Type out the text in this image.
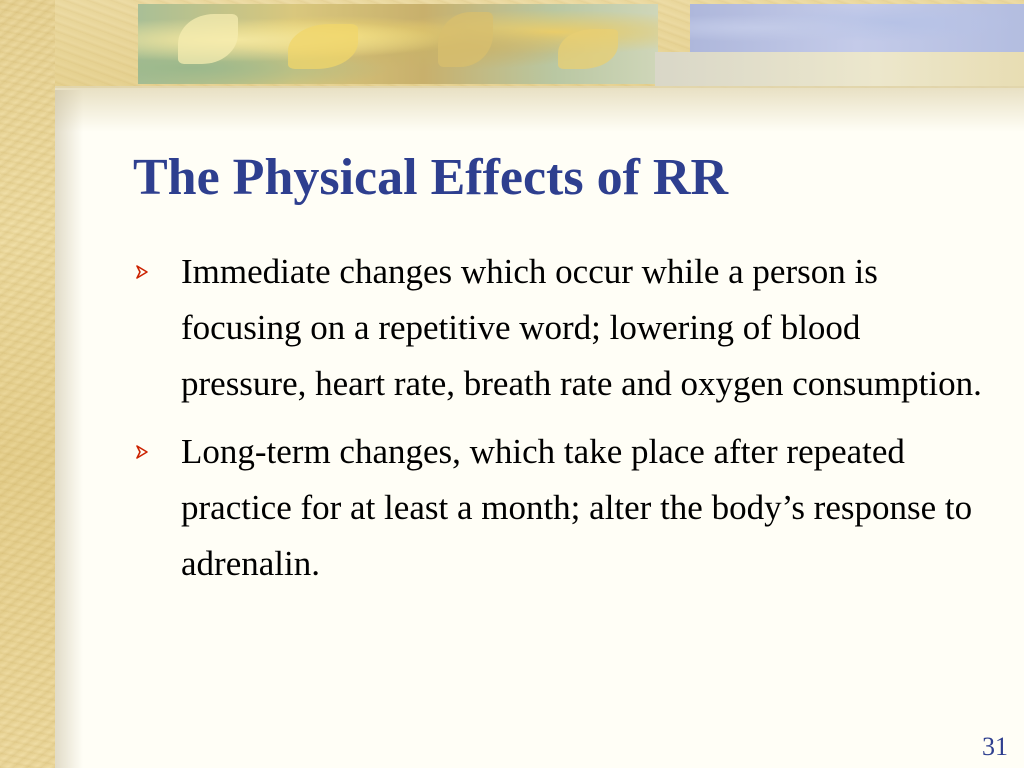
The Physical Effects of RR
Immediate changes which occur while a person is focusing on a repetitive word; lowering of blood pressure, heart rate, breath rate and oxygen consumption.
Long-term changes, which take place after repeated practice for at least a month; alter the body’s response to adrenalin.
31
